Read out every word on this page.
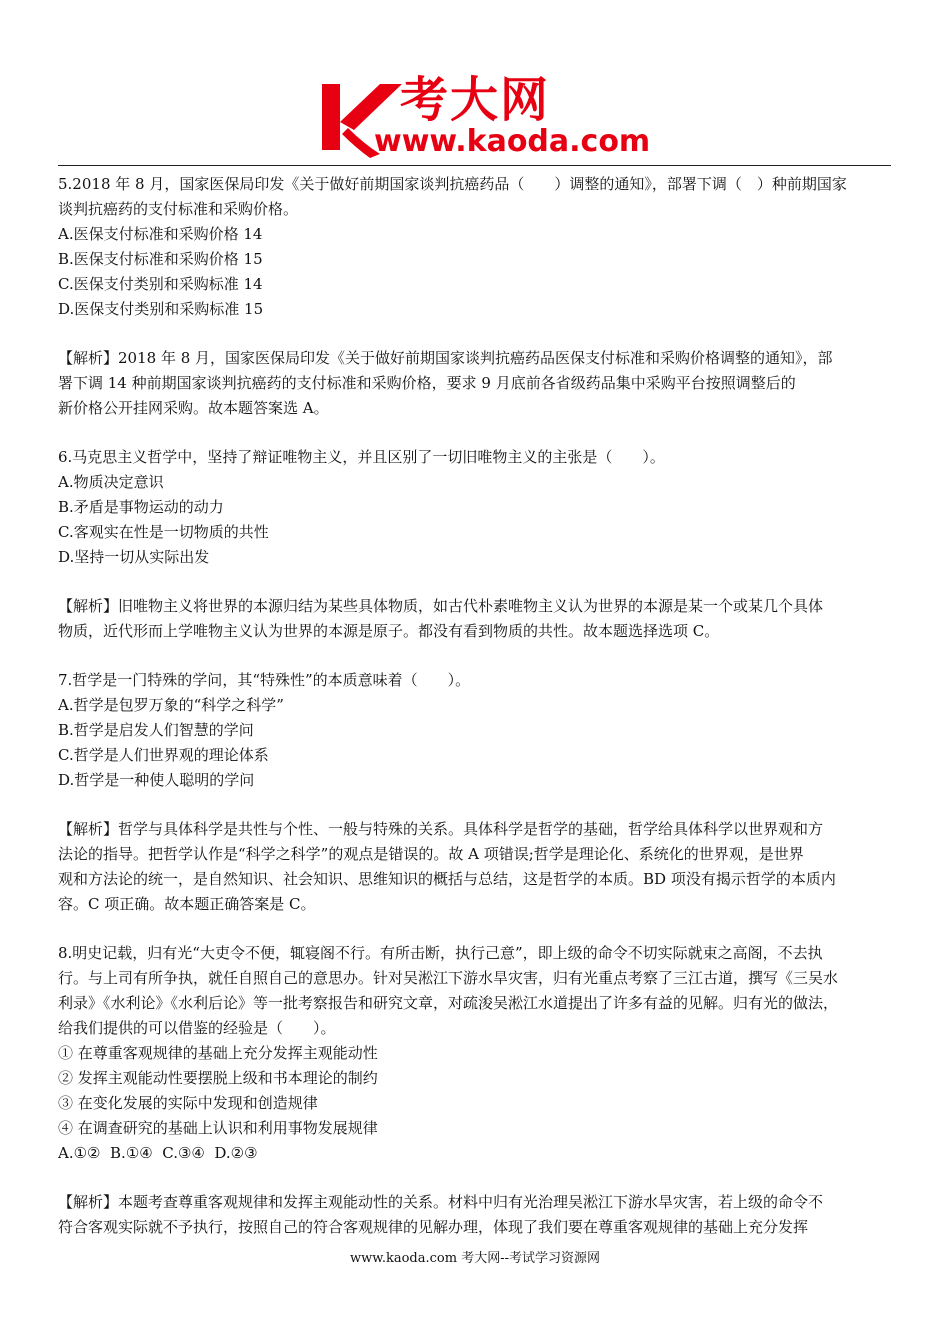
考大网
www.kaoda.com
5.2018 年 8 月，国家医保局印发《关于做好前期国家谈判抗癌药品（　　）调整的通知》，部署下调（　）种前期国家
谈判抗癌药的支付标准和采购价格。
A.医保支付标准和采购价格 14
B.医保支付标准和采购价格 15
C.医保支付类别和采购标准 14
D.医保支付类别和采购标准 15
【解析】2018 年 8 月，国家医保局印发《关于做好前期国家谈判抗癌药品医保支付标准和采购价格调整的通知》，部
署下调 14 种前期国家谈判抗癌药的支付标准和采购价格，要求 9 月底前各省级药品集中采购平台按照调整后的
新价格公开挂网采购。故本题答案选 A。
6.马克思主义哲学中，坚持了辩证唯物主义，并且区别了一切旧唯物主义的主张是（　　）。
A.物质决定意识
B.矛盾是事物运动的动力
C.客观实在性是一切物质的共性
D.坚持一切从实际出发
【解析】旧唯物主义将世界的本源归结为某些具体物质，如古代朴素唯物主义认为世界的本源是某一个或某几个具体
物质，近代形而上学唯物主义认为世界的本源是原子。都没有看到物质的共性。故本题选择选项 C。
7.哲学是一门特殊的学问，其“特殊性”的本质意味着（　　）。
A.哲学是包罗万象的“科学之科学”
B.哲学是启发人们智慧的学问
C.哲学是人们世界观的理论体系
D.哲学是一种使人聪明的学问
【解析】哲学与具体科学是共性与个性、一般与特殊的关系。具体科学是哲学的基础，哲学给具体科学以世界观和方
法论的指导。把哲学认作是“科学之科学”的观点是错误的。故 A 项错误;哲学是理论化、系统化的世界观，是世界
观和方法论的统一，是自然知识、社会知识、思维知识的概括与总结，这是哲学的本质。BD 项没有揭示哲学的本质内
容。C 项正确。故本题正确答案是 C。
8.明史记载，归有光“大吏令不便，辄寝阁不行。有所击断，执行己意”，即上级的命令不切实际就束之高阁，不去执
行。与上司有所争执，就任自照自己的意思办。针对吴淞江下游水旱灾害，归有光重点考察了三江古道，撰写《三吴水
利录》《水利论》《水利后论》等一批考察报告和研究文章，对疏浚吴淞江水道提出了许多有益的见解。归有光的做法，
给我们提供的可以借鉴的经验是（　　）。
① 在尊重客观规律的基础上充分发挥主观能动性
② 发挥主观能动性要摆脱上级和书本理论的制约
③ 在变化发展的实际中发现和创造规律
④ 在调查研究的基础上认识和利用事物发展规律
A.①②  B.①④  C.③④  D.②③
【解析】本题考查尊重客观规律和发挥主观能动性的关系。材料中归有光治理吴淞江下游水旱灾害，若上级的命令不
符合客观实际就不予执行，按照自己的符合客观规律的见解办理，体现了我们要在尊重客观规律的基础上充分发挥
www.kaoda.com 考大网--考试学习资源网
